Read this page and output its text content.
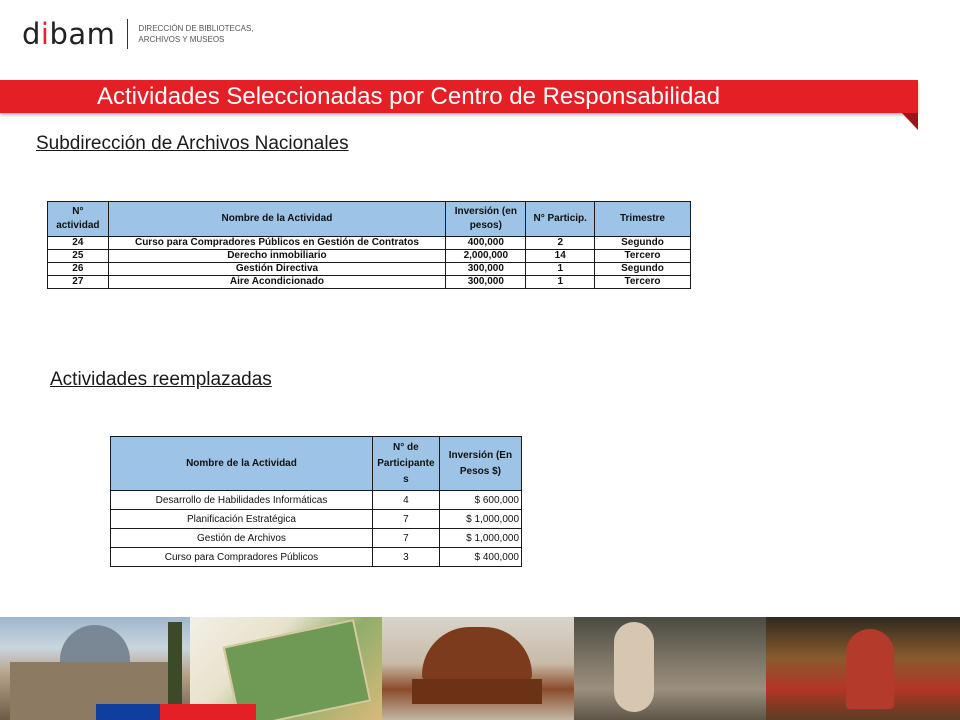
dibam	DIRECCIÓN DE BIBLIOTECAS,
ARCHIVOS Y MUSEOS
Actividades Seleccionadas por Centro de Responsabilidad
Subdirección de Archivos Nacionales
N° actividad	Nombre de la Actividad	Inversión (en pesos)	N° Particip.	Trimestre
24	Curso para Compradores Públicos en Gestión de Contratos	400,000	2	Segundo
25	Derecho inmobiliario	2,000,000	14	Tercero
26	Gestión Directiva	300,000	1	Segundo
27	Aire Acondicionado	300,000	1	Tercero
Actividades reemplazadas
Nombre de la Actividad	N° de Participante s	Inversión (En Pesos $)
Desarrollo de Habilidades Informáticas	4	$ 600,000
Planificación Estratégica	7	$ 1,000,000
Gestión de Archivos	7	$ 1,000,000
Curso para Compradores Públicos	3	$ 400,000
